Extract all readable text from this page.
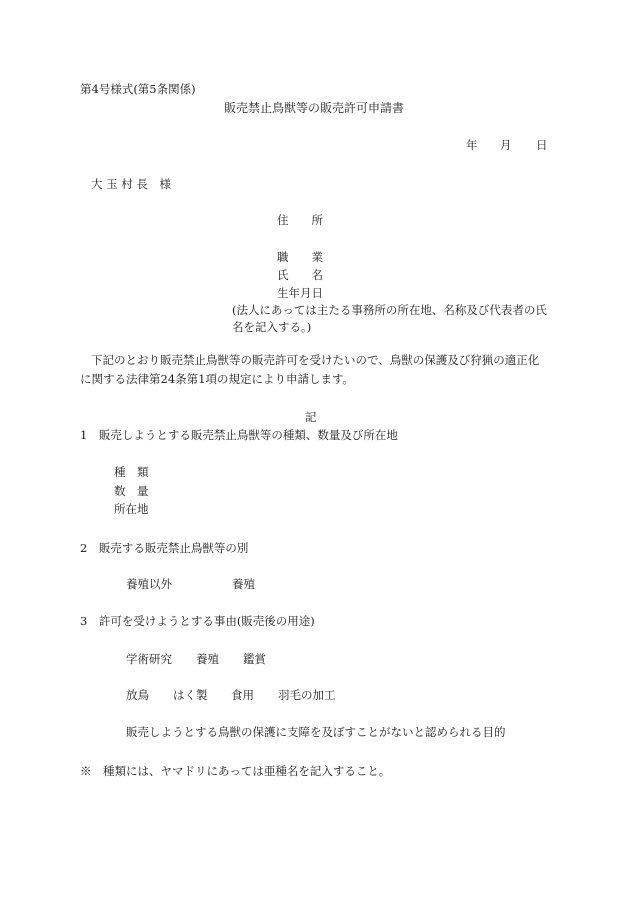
第4号様式(第5条関係)
販売禁止鳥獣等の販売許可申請書
年 月 日
大 玉 村 長　様
住　　所
職　　業
氏　　名
生年月日
(法人にあっては主たる事務所の所在地、名称及び代表者の氏
名を記入する。)
下記のとおり販売禁止鳥獣等の販売許可を受けたいので、鳥獣の保護及び狩猟の適正化
に関する法律第24条第1項の規定により申請します。
記
1　販売しようとする販売禁止鳥獣等の種類、数量及び所在地
種　類
数　量
所在地
2　販売する販売禁止鳥獣等の別
養殖以外	養殖
3　許可を受けようとする事由(販売後の用途)
学術研究 養殖 鑑賞
放鳥 はく製 食用 羽毛の加工
販売しようとする鳥獣の保護に支障を及ぼすことがないと認められる目的
※　種類には、ヤマドリにあっては亜種名を記入すること。
